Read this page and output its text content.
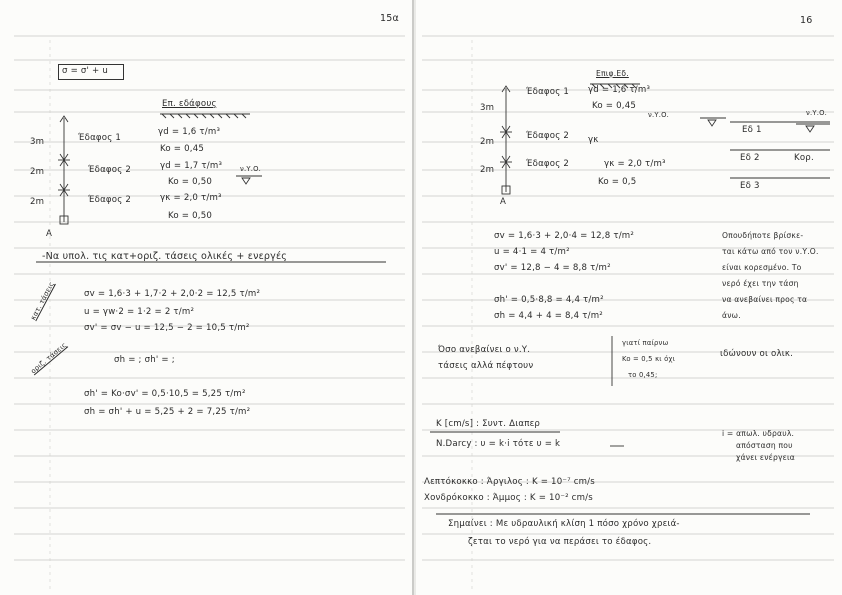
15α	16
σ = σ' + u
Επ. εδάφους
3m	Έδαφος 1
γd = 1,6 τ/m³
Ko = 0,45
2m	Έδαφος 2	γd = 1,7 τ/m³
Ko = 0,50
ν.Υ.Ο.
2m	Έδαφος 2	γκ = 2,0 τ/m³
Ko = 0,50
A
-Να υπολ. τις κατ+οριζ. τάσεις ολικές + ενεργές
κατ. τάσεις
οριζ. τάσεις
σv = 1,6·3 + 1,7·2 + 2,0·2 = 12,5 τ/m²
u = γw·2 = 1·2 = 2 τ/m²
σv' = σv − u = 12,5 − 2 = 10,5 τ/m²
σh = ; σh' = ;
σh' = Ko·σv' = 0,5·10,5 = 5,25 τ/m²
σh = σh' + u = 5,25 + 2 = 7,25 τ/m²
Επιφ.Εδ.
3m
Έδαφος 1 γd = 1,6 τ/m³
Ko = 0,45
ν.Υ.Ο.
Εδ 1
ν.Υ.Ο.
2m
Έδαφος 2 γκ
Εδ 2	Κορ.
2m
Έδαφος 2	γκ = 2,0 τ/m³
Ko = 0,5	Εδ 3
A
σv = 1,6·3 + 2,0·4 = 12,8 τ/m²
u = 4·1 = 4 τ/m²
σv' = 12,8 − 4 = 8,8 τ/m²
σh' = 0,5·8,8 = 4,4 τ/m²
σh = 4,4 + 4 = 8,4 τ/m²
Οπουδήποτε βρίσκε-
ται κάτω από τον ν.Υ.Ο.
είναι κορεσμένο. Το
νερό έχει την τάση
να ανεβαίνει προς τα
άνω.
Όσο ανεβαίνει ο ν.Υ.
τάσεις αλλά πέφτουν
γιατί παίρνω
Ko = 0,5 κι όχι
το 0,45;
ιδώνουν οι ολικ.
K [cm/s] : Συντ. Διαπερ
Ν.Darcy : υ = k·i τότε υ = k
i = απωλ. υδραυλ.
απόσταση που
χάνει ενέργεια
Λεπτόκοκκο : Άργιλος : K = 10⁻⁷ cm/s
Χονδρόκοκκο : Άμμος : K = 10⁻² cm/s
Σημαίνει : Με υδραυλική κλίση 1 πόσο χρόνο χρειά-
ζεται το νερό για να περάσει το έδαφος.
